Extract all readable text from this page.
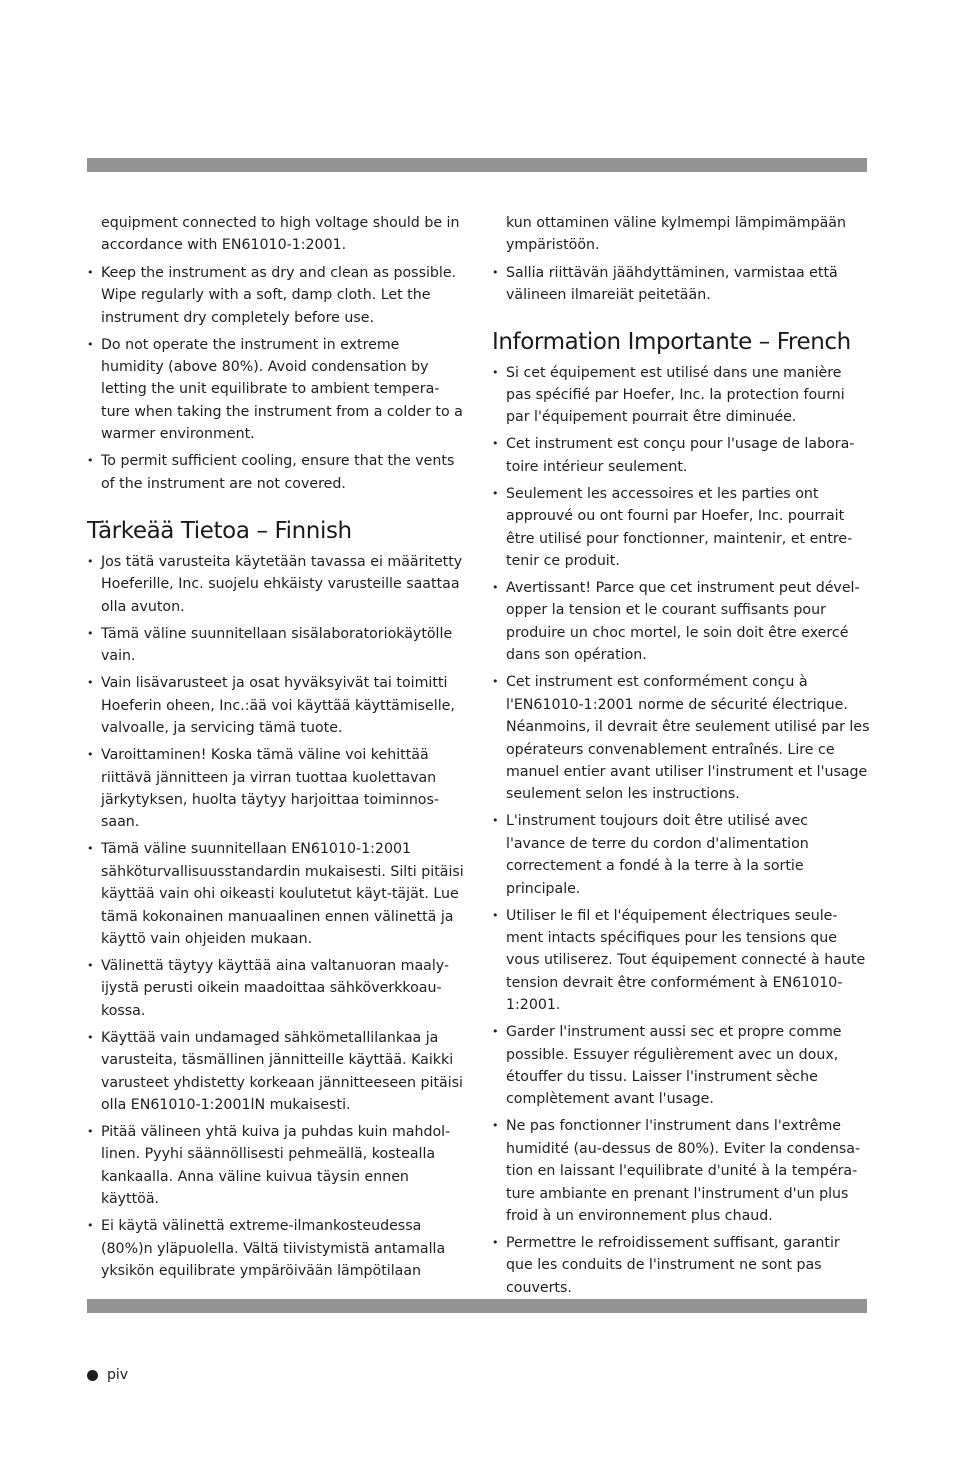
equipment connected to high voltage should be in accordance with EN61010-1:2001.

• Keep the instrument as dry and clean as possible. Wipe regularly with a soft, damp cloth. Let the instrument dry completely before use.
• Do not operate the instrument in extreme humidity (above 80%). Avoid condensation by letting the unit equilibrate to ambient tempera-ture when taking the instrument from a colder to a warmer environment.
• To permit sufficient cooling, ensure that the vents of the instrument are not covered.
Tärkeää Tietoa – Finnish
• Jos tätä varusteita käytetään tavassa ei määritetty Hoeferille, Inc. suojelu ehkäisty varusteille saattaa olla avuton.
• Tämä väline suunnitellaan sisälaboratoriokäytölle vain.
• Vain lisävarusteet ja osat hyväksyivät tai toimitti Hoeferin oheen, Inc.:ää voi käyttää käyttämiselle, valvoalle, ja servicing tämä tuote.
• Varoittaminen! Koska tämä väline voi kehittää riittävä jännitteen ja virran tuottaa kuolettavan järkytyksen, huolta täytyy harjoittaa toiminnos-saan.
• Tämä väline suunnitellaan EN61010-1:2001 sähköturvallisuusstandardin mukaisesti. Silti pitäisi käyttää vain ohi oikeasti koulutetut käyt-täjät. Lue tämä kokonainen manuaalinen ennen välinettä ja käyttö vain ohjeiden mukaan.
• Välinettä täytyy käyttää aina valtanuoran maaly-ijystä perusti oikein maadoittaa sähköverkkoau-kossa.
• Käyttää vain undamaged sähkömetallilankaa ja varusteita, täsmällinen jännitteille käyttää. Kaikki varusteet yhdistetty korkeaan jännitteeseen pitäisi olla EN61010-1:2001lN mukaisesti.
• Pitää välineen yhtä kuiva ja puhdas kuin mahdol-linen. Pyyhi säännöllisesti pehmeällä, kostealla kankaalla. Anna väline kuivua täysin ennen käyttöä.
• Ei käytä välinettä extreme-ilmankosteudessa (80%)n yläpuolella. Vältä tiivistymistä antamalla yksikön equilibrate ympäröivään lämpötilaan

kun ottaminen väline kylmempi lämpimämpään ympäristöön.

• Sallia riittävän jäähdyttäminen, varmistaa että välineen ilmareiät peitetään.
Information Importante – French
• Si cet équipement est utilisé dans une manière pas spécifié par Hoefer, Inc. la protection fourni par l'équipement pourrait être diminuée.
• Cet instrument est conçu pour l'usage de labora-toire intérieur seulement.
• Seulement les accessoires et les parties ont approuvé ou ont fourni par Hoefer, Inc. pourrait être utilisé pour fonctionner, maintenir, et entre-tenir ce produit.
• Avertissant! Parce que cet instrument peut dével-opper la tension et le courant suffisants pour produire un choc mortel, le soin doit être exercé dans son opération.
• Cet instrument est conformément conçu à l'EN61010-1:2001 norme de sécurité électrique. Néanmoins, il devrait être seulement utilisé par les opérateurs convenablement entraînés. Lire ce manuel entier avant utiliser l'instrument et l'usage seulement selon les instructions.
• L'instrument toujours doit être utilisé avec l'avance de terre du cordon d'alimentation correctement a fondé à la terre à la sortie principale.
• Utiliser le fil et l'équipement électriques seule-ment intacts spécifiques pour les tensions que vous utiliserez. Tout équipement connecté à haute tension devrait être conformément à EN61010-1:2001.
• Garder l'instrument aussi sec et propre comme possible. Essuyer régulièrement avec un doux, étouffer du tissu. Laisser l'instrument sèche complètement avant l'usage.
• Ne pas fonctionner l'instrument dans l'extrême humidité (au-dessus de 80%). Eviter la condensa-tion en laissant l'equilibrate d'unité à la tempéra-ture ambiante en prenant l'instrument d'un plus froid à un environnement plus chaud.
• Permettre le refroidissement suffisant, garantir que les conduits de l'instrument ne sont pas couverts.
piv
